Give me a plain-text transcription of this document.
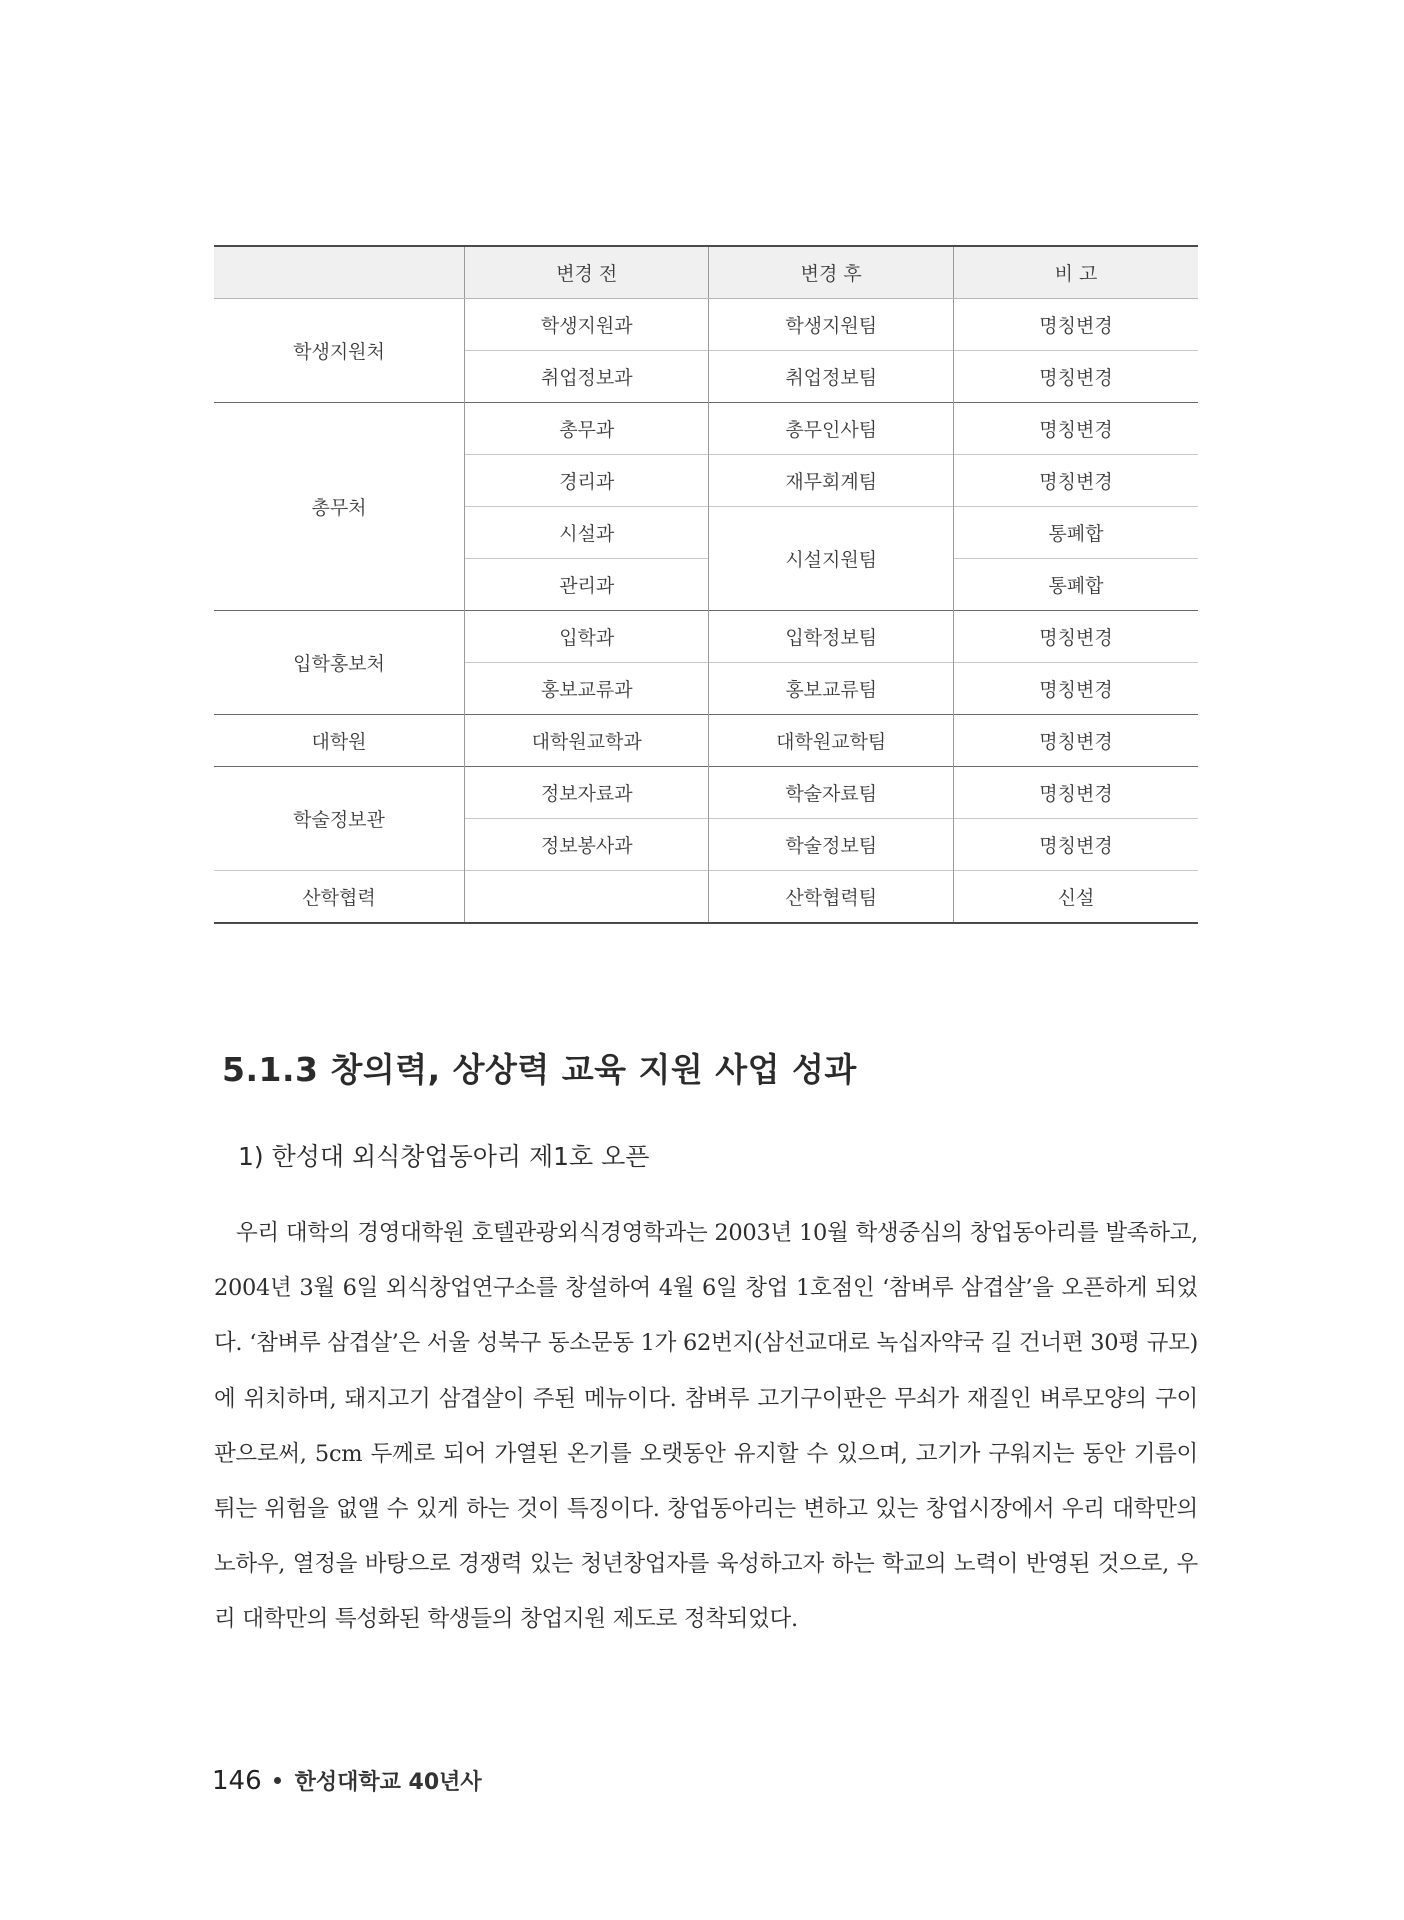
	변경 전	변경 후	비 고
학생지원처	학생지원과	학생지원팀	명칭변경
	취업정보과	취업정보팀	명칭변경
총무처	총무과	총무인사팀	명칭변경
	경리과	재무회계팀	명칭변경
	시설과	시설지원팀	통폐합
	관리과		통폐합
입학홍보처	입학과	입학정보팀	명칭변경
	홍보교류과	홍보교류팀	명칭변경
대학원	대학원교학과	대학원교학팀	명칭변경
학술정보관	정보자료과	학술자료팀	명칭변경
	정보봉사과	학술정보팀	명칭변경
산학협력		산학협력팀	신설
5.1.3 창의력, 상상력 교육 지원 사업 성과
1) 한성대 외식창업동아리 제1호 오픈

우리 대학의 경영대학원 호텔관광외식경영학과는 2003년 10월 학생중심의 창업동아리를 발족하고, 2004년 3월 6일 외식창업연구소를 창설하여 4월 6일 창업 1호점인 ‘참벼루 삼겹살’을 오픈하게 되었다. ‘참벼루 삼겹살’은 서울 성북구 동소문동 1가 62번지(삼선교대로 녹십자약국 길 건너편 30평 규모)에 위치하며, 돼지고기 삼겹살이 주된 메뉴이다. 참벼루 고기구이판은 무쇠가 재질인 벼루모양의 구이판으로써, 5cm 두께로 되어 가열된 온기를 오랫동안 유지할 수 있으며, 고기가 구워지는 동안 기름이 튀는 위험을 없앨 수 있게 하는 것이 특징이다. 창업동아리는 변하고 있는 창업시장에서 우리 대학만의 노하우, 열정을 바탕으로 경쟁력 있는 청년창업자를 육성하고자 하는 학교의 노력이 반영된 것으로, 우리 대학만의 특성화된 학생들의 창업지원 제도로 정착되었다.

146 한성대학교 40년사
